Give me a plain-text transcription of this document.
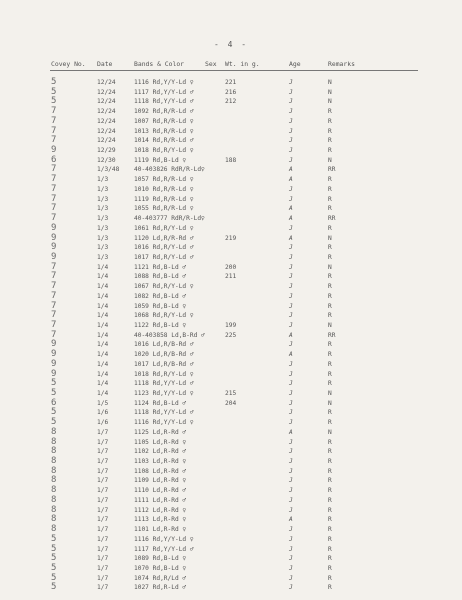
- 4 -
Covey No. Date	Bands & Color	Sex Wt. in g.	Age	Remarks
5	12/24	1116 Rd,Y/Y-Ld ♀	221	J	N
5	12/24	1117 Rd,Y/Y-Ld ♂	216	J	N
5	12/24	1118 Rd,Y/Y-Ld ♂	212	J	N
7	12/24	1092 Rd,R/R-Ld ♂	J	R
7	12/24	1007 Rd,R/R-Ld ♀	J	R
7	12/24	1013 Rd,R/R-Ld ♀	J	R
7	12/24	1014 Rd,R/R-Ld ♂	J	R
9	12/29	1018 Rd,R/Y-Ld ♀	J	R
6	12/30	1119 Rd,B-Ld ♀	188	J	N
7	1/3/48 40-403826 RdR/R-Ld♀	A	RR
7	1/3	1057 Rd,R/R-Ld ♀	A	R
7	1/3	1010 Rd,R/R-Ld ♀	J	R
7	1/3	1119 Rd,R/R-Ld ♀	J	R
7	1/3	1055 Rd,R/R-Ld ♀	A	R
7	1/3	40-403777 RdR/R-Ld♀	A	RR
9	1/3	1061 Rd,R/Y-Ld ♀	J	R
9	1/3	1120 Ld,R/R-Rd ♂	219	A	N
9	1/3	1016 Rd,R/Y-Ld ♂	J	R
9	1/3	1017 Rd,R/Y-Ld ♂	J	R
7	1/4	1121 Rd,B-Ld ♂	200	J	N
7	1/4	1088 Rd,B-Ld ♂	211	J	R
7	1/4	1067 Rd,R/Y-Ld ♀	J	R
7	1/4	1082 Rd,B-Ld ♂	J	R
7	1/4	1059 Rd,B-Ld ♀	J	R
7	1/4	1068 Rd,R/Y-Ld ♀	J	R
7	1/4	1122 Rd,B-Ld ♀	199	J	N
7	1/4	40-403858 Ld,B-Rd ♂	225	A	RR
9	1/4	1016 Ld,R/B-Rd ♂	J	R
9	1/4	1020 Ld,R/B-Rd ♂	A	R
9	1/4	1017 Ld,R/B-Rd ♂	J	R
9	1/4	1018 Rd,R/Y-Ld ♀	J	R
5	1/4	1118 Rd,Y/Y-Ld ♂	J	R
5	1/4	1123 Rd,Y/Y-Ld ♀	215	J	N
6	1/5	1124 Rd,B-Ld ♂	204	J	N
5	1/6	1118 Rd,Y/Y-Ld ♂	J	R
5	1/6	1116 Rd,Y/Y-Ld ♀	J	R
8	1/7	1125 Ld,R-Rd ♂	A	N
8	1/7	1105 Ld,R-Rd ♀	J	R
8	1/7	1102 Ld,R-Rd ♂	J	R
8	1/7	1103 Ld,R-Rd ♀	J	R
8	1/7	1108 Ld,R-Rd ♂	J	R
8	1/7	1109 Ld,R-Rd ♀	J	R
8	1/7	1110 Ld,R-Rd ♂	J	R
8	1/7	1111 Ld,R-Rd ♂	J	R
8	1/7	1112 Ld,R-Rd ♀	J	R
8	1/7	1113 Ld,R-Rd ♀	A	R
8	1/7	1101 Ld,R-Rd ♀	J	R
5	1/7	1116 Rd,Y/Y-Ld ♀	J	R
5	1/7	1117 Rd,Y/Y-Ld ♂	J	R
5	1/7	1089 Rd,B-Ld ♀	J	R
5	1/7	1070 Rd,B-Ld ♀	J	R
5	1/7	1074 Rd,R/Ld ♂	J	R
5	1/7	1027 Rd,R-Ld ♂	J	R
